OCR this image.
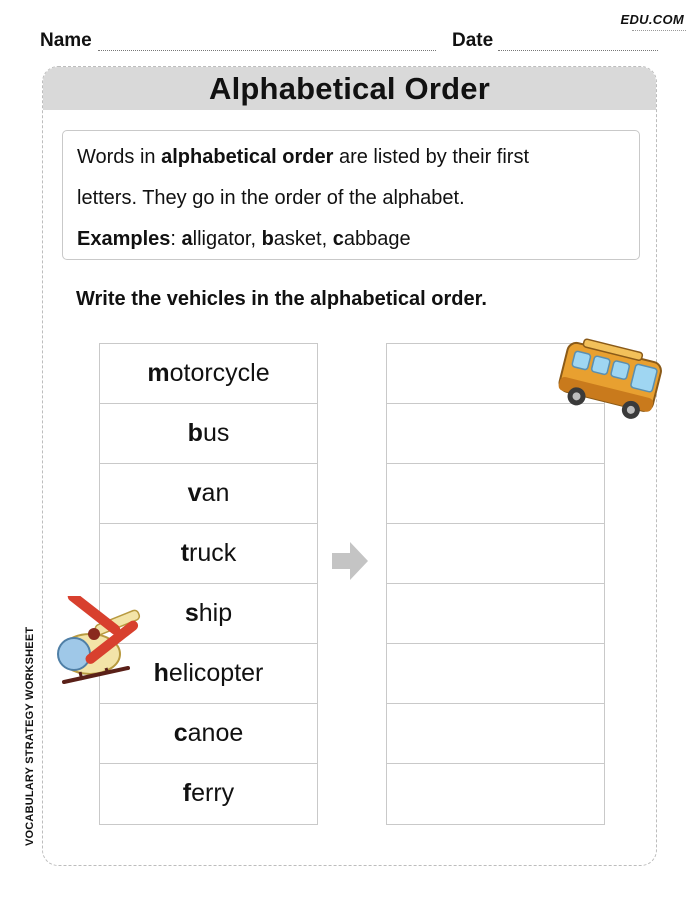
EDU.COM
Name	Date
VOCABULARY STRATEGY WORKSHEET
Alphabetical Order

Words in alphabetical order are listed by their first

letters. They go in the order of the alphabet.

Examples: alligator, basket, cabbage

Write the vehicles in the alphabetical order.
m otorcycle
b us
v an
t ruck
s hip
h elicopter
c anoe
f erry
